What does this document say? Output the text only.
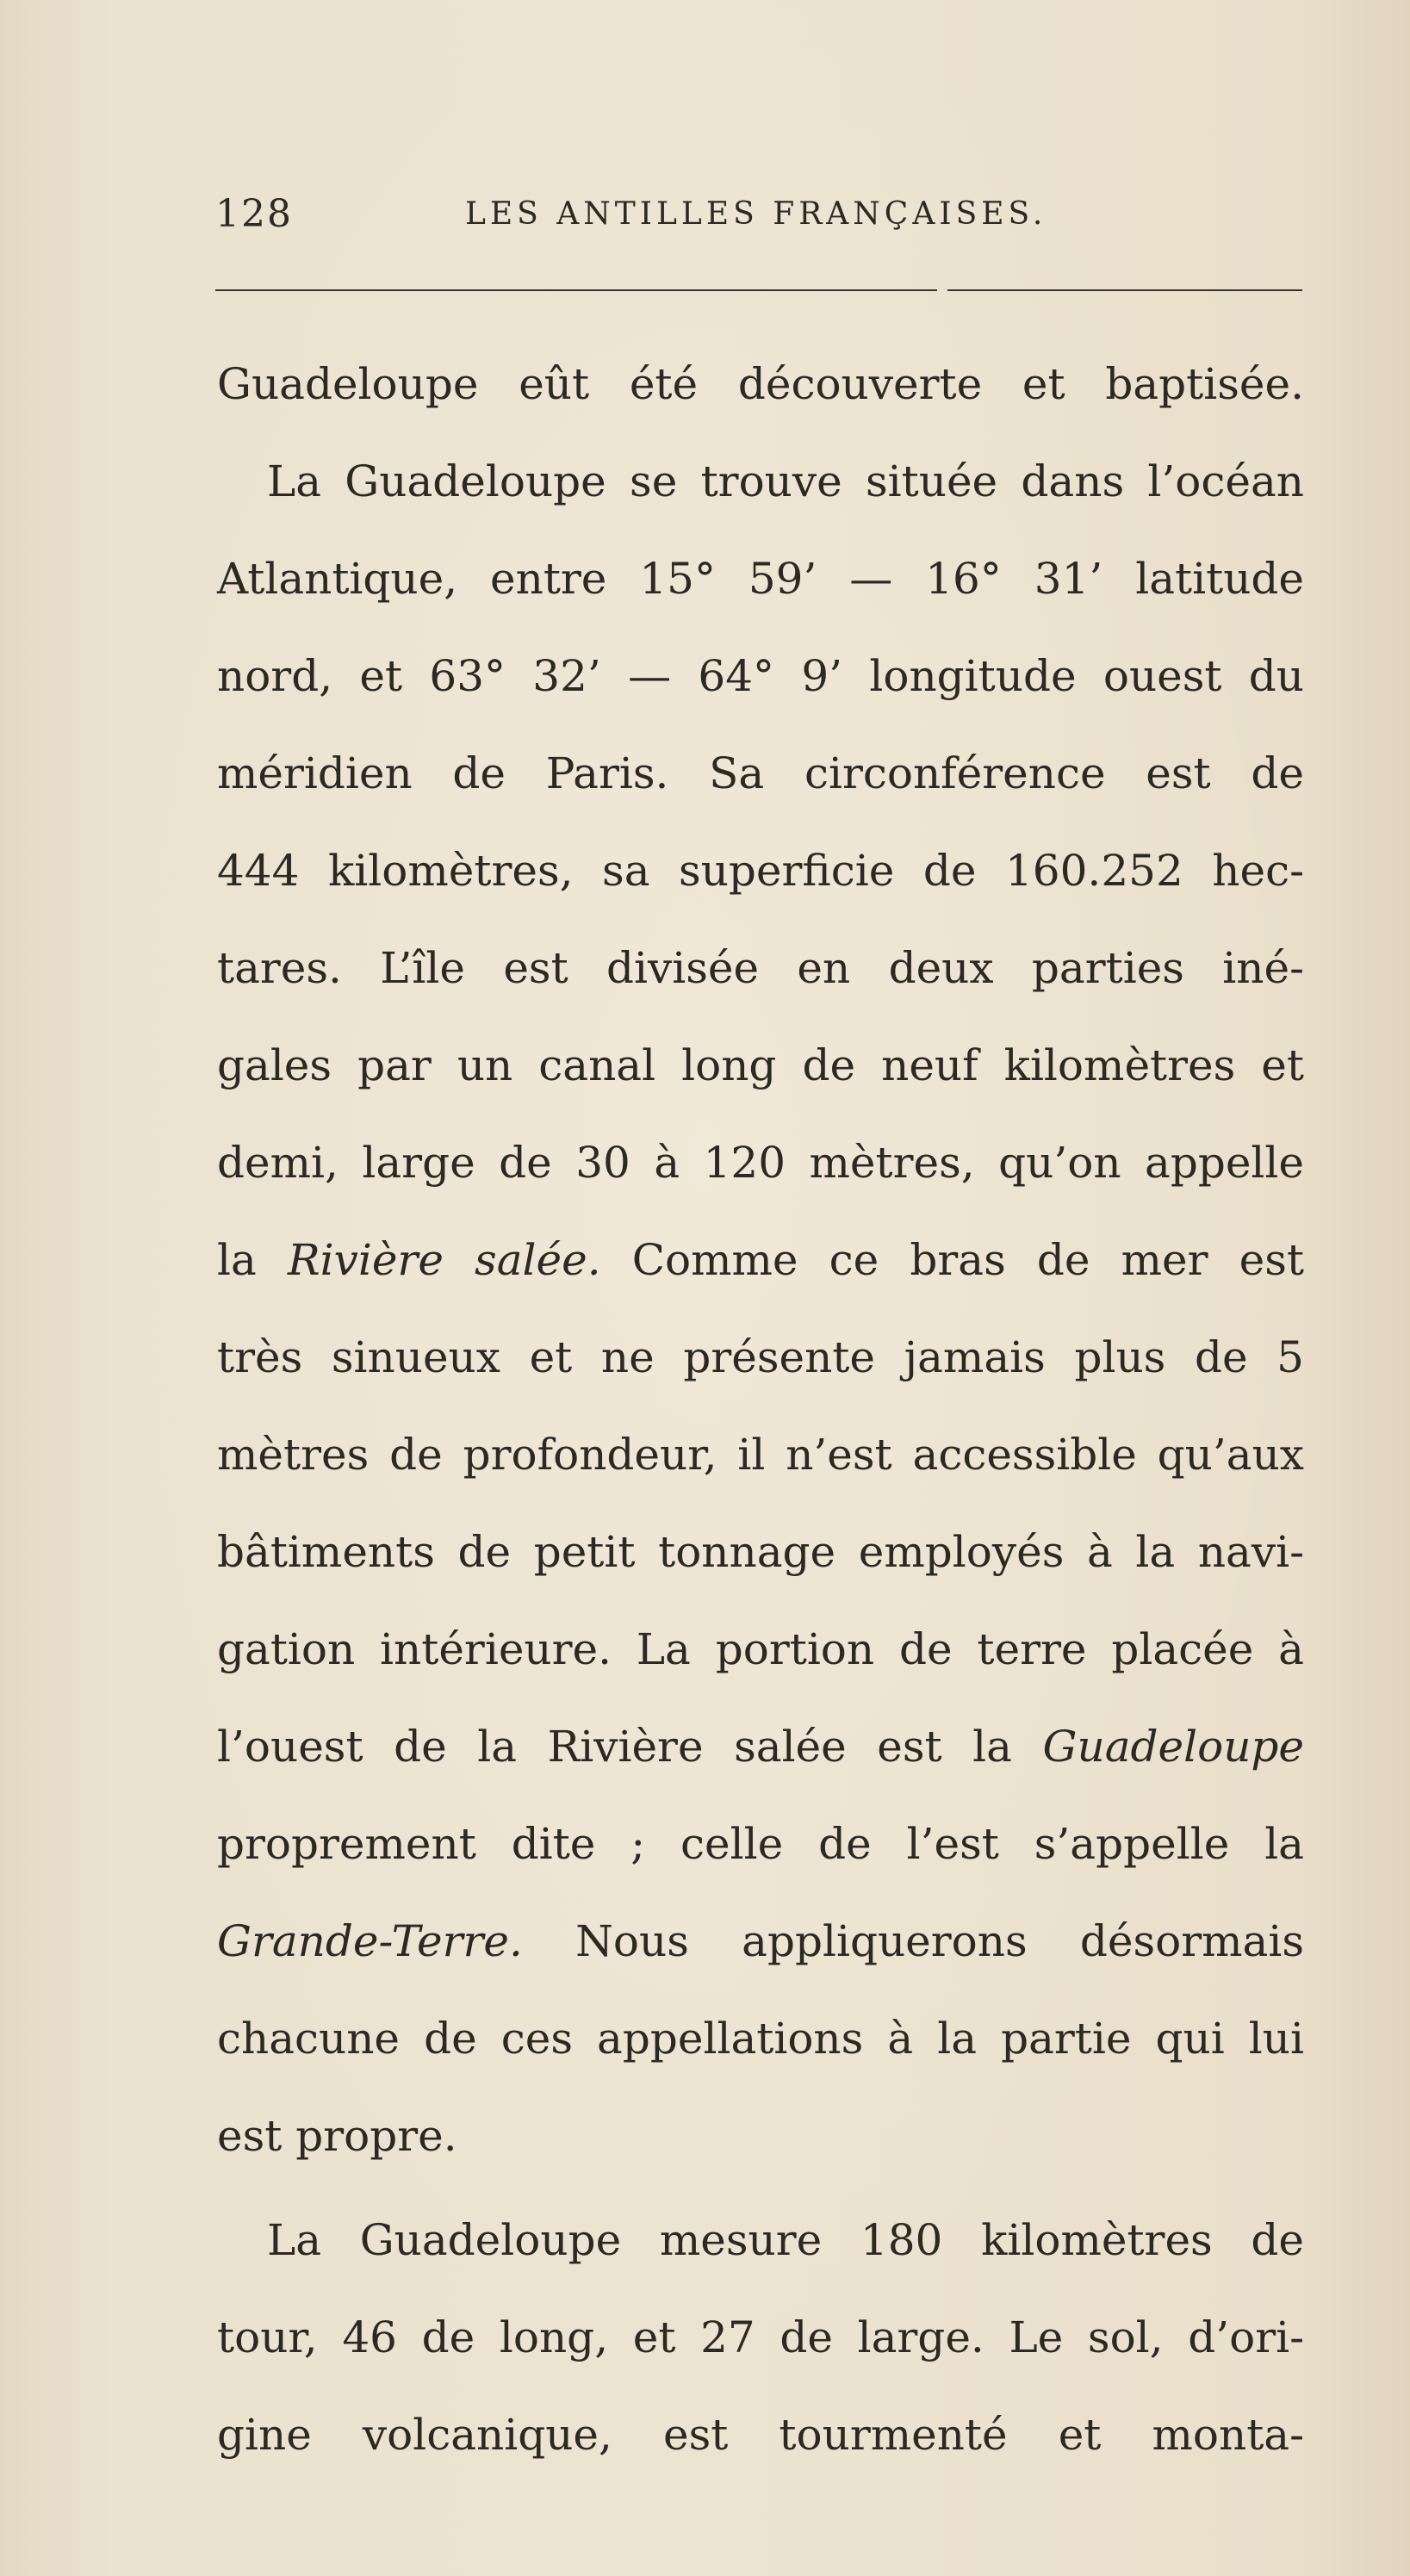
128	LES ANTILLES FRANÇAISES.
Guadeloupe eût été découverte et baptisée.
La Guadeloupe se trouve située dans l’océan
Atlantique, entre 15° 59’ — 16° 31’ latitude
nord, et 63° 32’ — 64° 9’ longitude ouest du
méridien de Paris. Sa circonférence est de
444 kilomètres, sa superficie de 160.252 hec-
tares. L’île est divisée en deux parties iné-
gales par un canal long de neuf kilomètres et
demi, large de 30 à 120 mètres, qu’on appelle
la Rivière salée. Comme ce bras de mer est
très sinueux et ne présente jamais plus de 5
mètres de profondeur, il n’est accessible qu’aux
bâtiments de petit tonnage employés à la navi-
gation intérieure. La portion de terre placée à
l’ouest de la Rivière salée est la Guadeloupe
proprement dite ; celle de l’est s’appelle la
Grande-Terre. Nous appliquerons désormais
chacune de ces appellations à la partie qui lui
est propre.
La Guadeloupe mesure 180 kilomètres de
tour, 46 de long, et 27 de large. Le sol, d’ori-
gine volcanique, est tourmenté et monta-
